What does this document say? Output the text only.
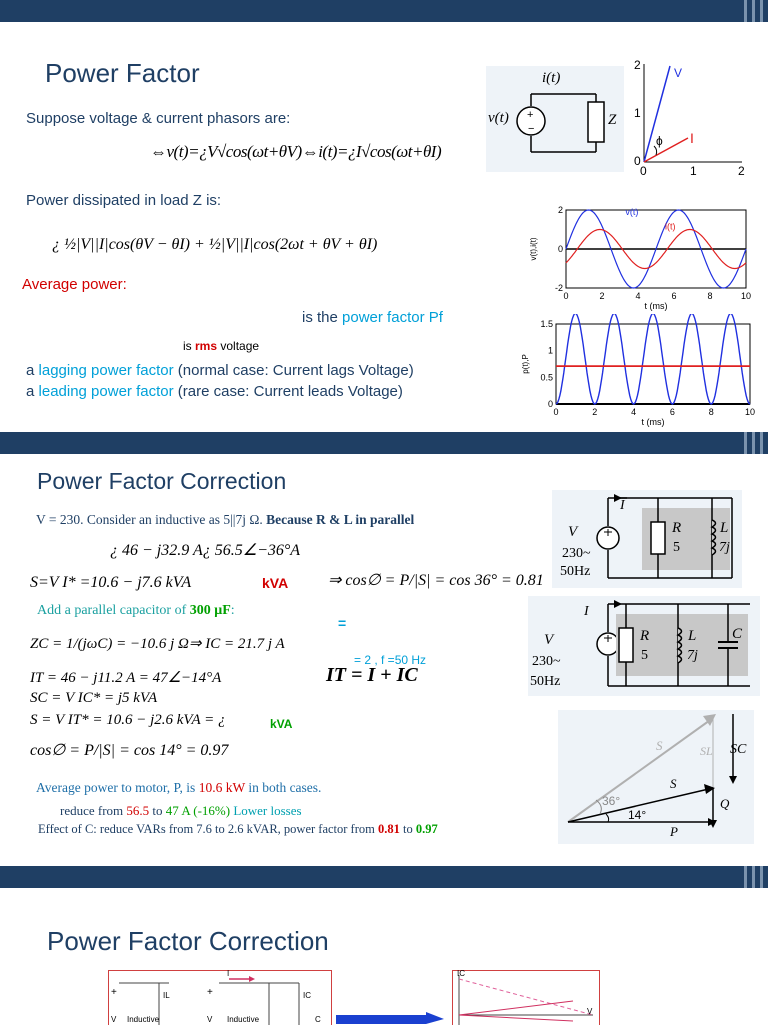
Power Factor
Suppose voltage & current phasors are:
⇔v(t)=¿V√cos(ωt+θV)⇔i(t)=¿I√cos(ωt+θI)
Power dissipated in load Z is:
¿ ½|V||I|cos(θV − θI) + ½|V||I|cos(2ωt + θV + θI)
Average power:
is the power factor Pf
is rms voltage
a lagging power factor (normal case: Current lags Voltage)
a leading power factor (rare case: Current leads Voltage)
+
−
v(t)
i(t)
Z
V
I
ϕ
2
1
0
0	1	2
0	2	4	6	8	10
-2
0
2
t (ms)
v(t),i(t)
v(t)
i(t)
0	2	4	6	8	10
0
0.5
1
1.5
t (ms)
p(t),P
Power Factor Correction
V = 230. Consider an inductive as 5||7j Ω. Because R & L in parallel
¿ 46 − j32.9 A¿ 56.5∠−36°A
S=V I* =10.6 − j7.6 kVA	kVA ⇒ cos∅ = P/|S| = cos 36° = 0.81
Add a parallel capacitor of 300 μF:
=
ZC = 1/(jωC) = −10.6 j Ω⇒ IC = 21.7 j A
= 2 , f =50 Hz
IT = 46 − j11.2 A = 47∠−14°A	IT = I + IC
SC = V IC* = j5 kVA
S = V IT* = 10.6 − j2.6 kVA = ¿	kVA
cos∅ = P/|S| = cos 14° = 0.97
Average power to motor, P, is 10.6 kW in both cases.
reduce from 56.5 to 47 A (-16%) Lower losses
Effect of C: reduce VARs from 7.6 to 2.6 kVAR, power factor from 0.81 to 0.97
I
V
230~
50Hz
R
5
L
7j
I
V
230~
50Hz
R
5
L
7j
C
S	SL SC
S
Q
P
36°
14°
Power Factor Correction
+	+
IL
I
IC
Inductive	Inductive
V	V	C
IC
V
